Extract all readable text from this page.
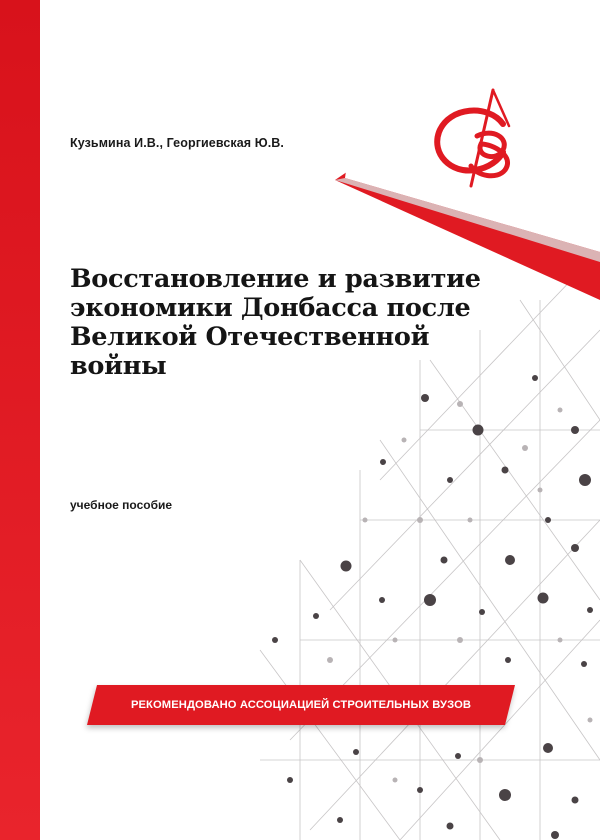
Кузьмина И.В., Георгиевская Ю.В.
Восстановление и развитие
экономики Донбасса после
Великой Отечественной
войны
учебное пособие
РЕКОМЕНДОВАНО АССОЦИАЦИЕЙ СТРОИТЕЛЬНЫХ ВУЗОВ
